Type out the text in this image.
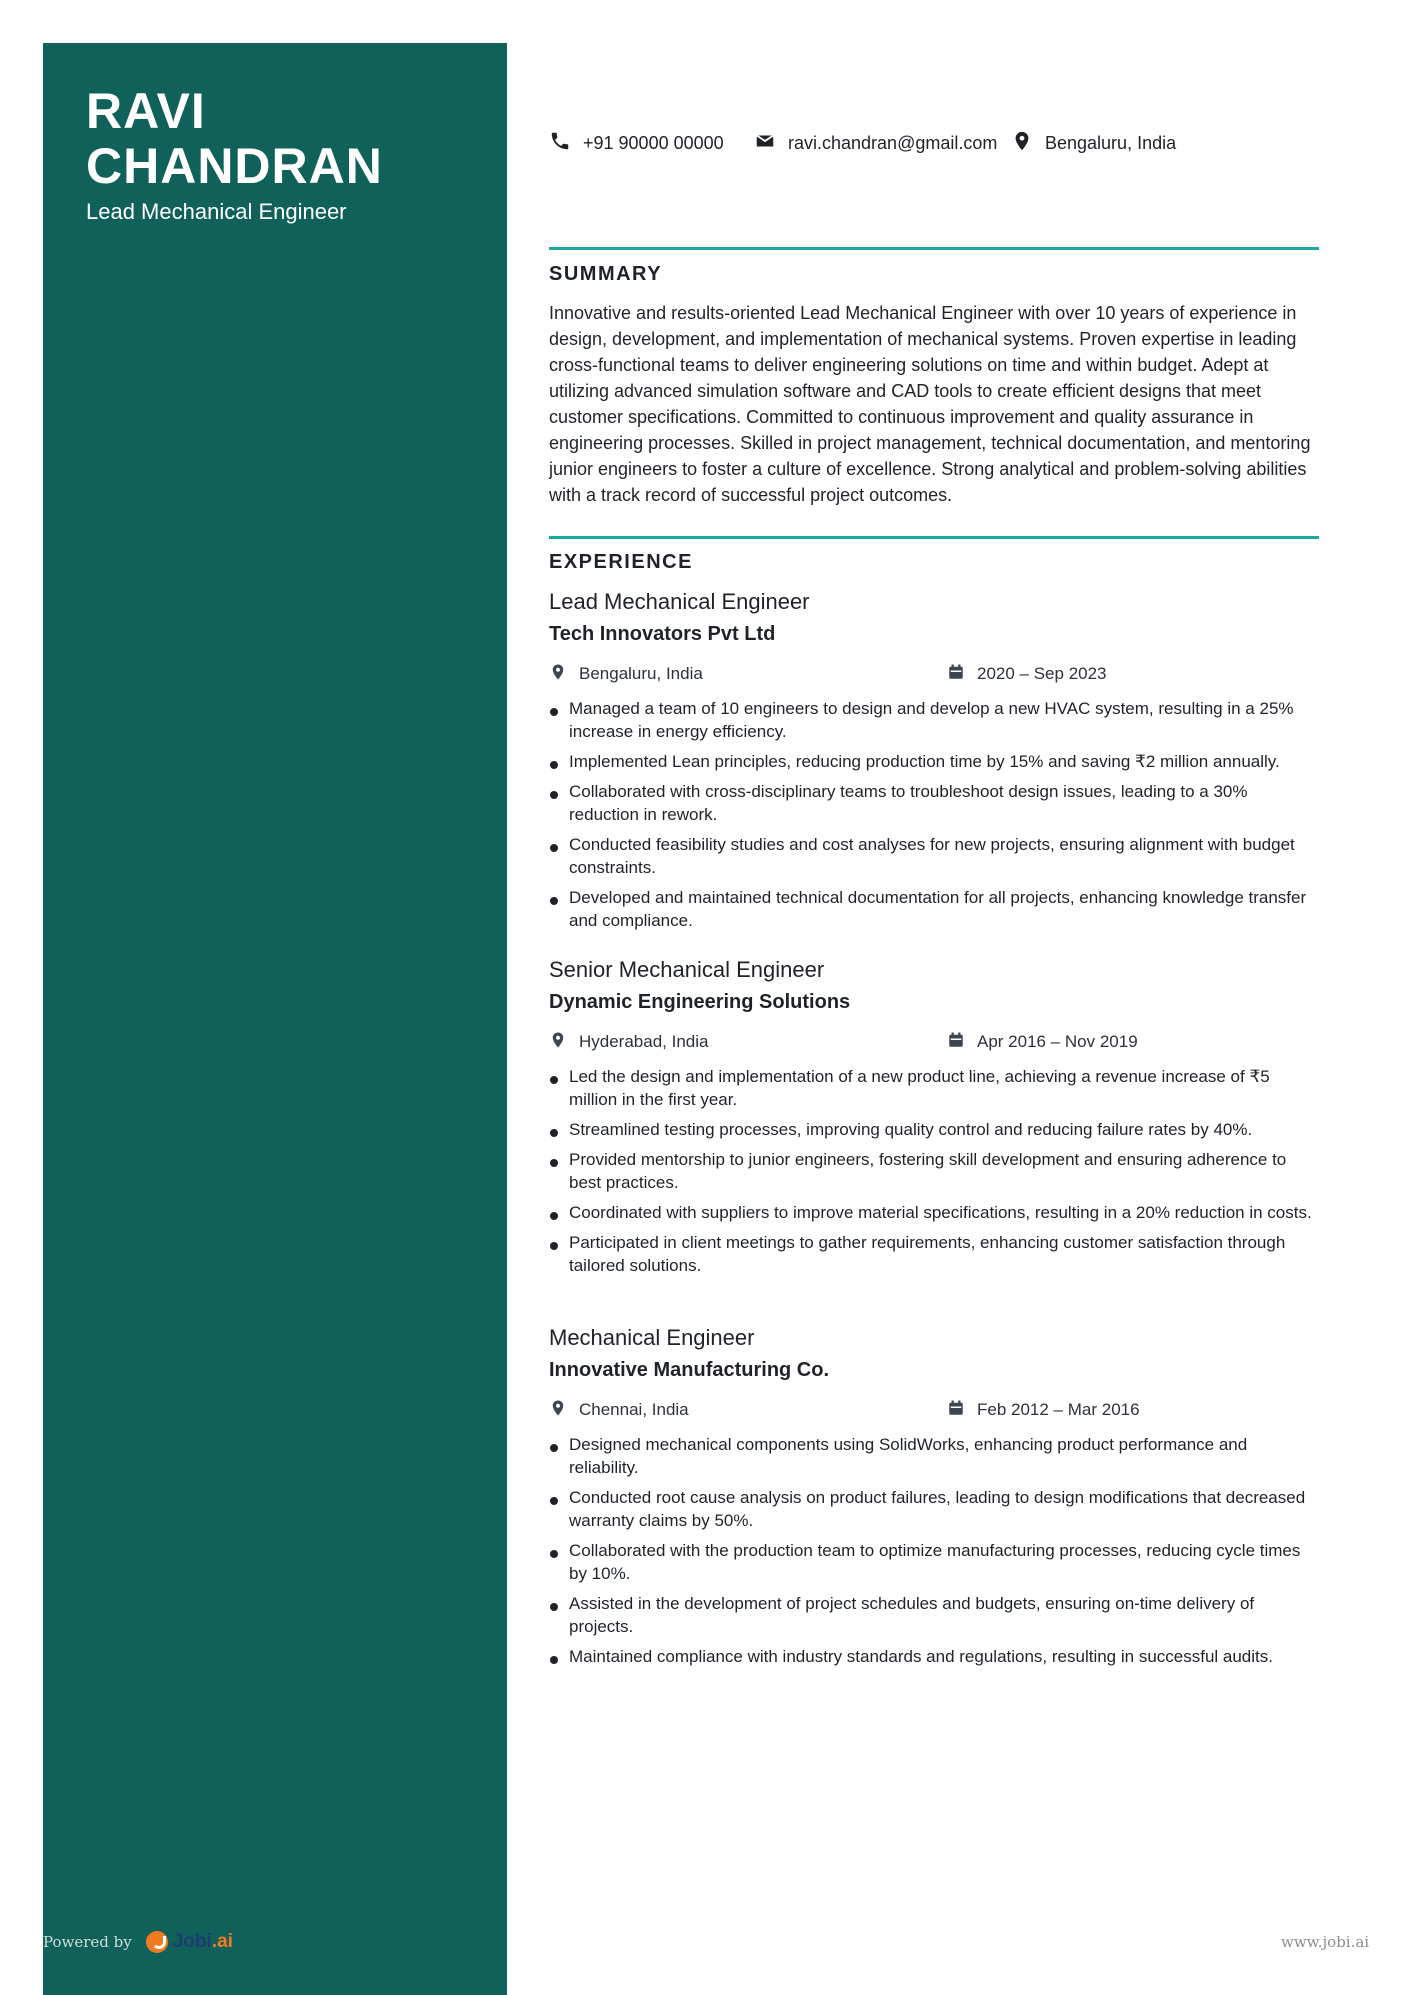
RAVI
CHANDRAN
Lead Mechanical Engineer
+91 90000 00000	ravi.chandran@gmail.com	Bengaluru, India
SUMMARY
Innovative and results-oriented Lead Mechanical Engineer with over 10 years of experience in design, development, and implementation of mechanical systems. Proven expertise in leading cross-functional teams to deliver engineering solutions on time and within budget. Adept at utilizing advanced simulation software and CAD tools to create efficient designs that meet customer specifications. Committed to continuous improvement and quality assurance in engineering processes. Skilled in project management, technical documentation, and mentoring junior engineers to foster a culture of excellence. Strong analytical and problem-solving abilities with a track record of successful project outcomes.
EXPERIENCE
Lead Mechanical Engineer
Tech Innovators Pvt Ltd
Bengaluru, India	2020 – Sep 2023
Managed a team of 10 engineers to design and develop a new HVAC system, resulting in a 25% increase in energy efficiency.
Implemented Lean principles, reducing production time by 15% and saving ₹2 million annually.
Collaborated with cross-disciplinary teams to troubleshoot design issues, leading to a 30% reduction in rework.
Conducted feasibility studies and cost analyses for new projects, ensuring alignment with budget constraints.
Developed and maintained technical documentation for all projects, enhancing knowledge transfer and compliance.
Senior Mechanical Engineer
Dynamic Engineering Solutions
Hyderabad, India	Apr 2016 – Nov 2019
Led the design and implementation of a new product line, achieving a revenue increase of ₹5 million in the first year.
Streamlined testing processes, improving quality control and reducing failure rates by 40%.
Provided mentorship to junior engineers, fostering skill development and ensuring adherence to best practices.
Coordinated with suppliers to improve material specifications, resulting in a 20% reduction in costs.
Participated in client meetings to gather requirements, enhancing customer satisfaction through tailored solutions.
Mechanical Engineer
Innovative Manufacturing Co.
Chennai, India	Feb 2012 – Mar 2016
Designed mechanical components using SolidWorks, enhancing product performance and reliability.
Conducted root cause analysis on product failures, leading to design modifications that decreased warranty claims by 50%.
Collaborated with the production team to optimize manufacturing processes, reducing cycle times by 10%.
Assisted in the development of project schedules and budgets, ensuring on-time delivery of projects.
Maintained compliance with industry standards and regulations, resulting in successful audits.
Powered by Jobi .ai	www.jobi.ai
